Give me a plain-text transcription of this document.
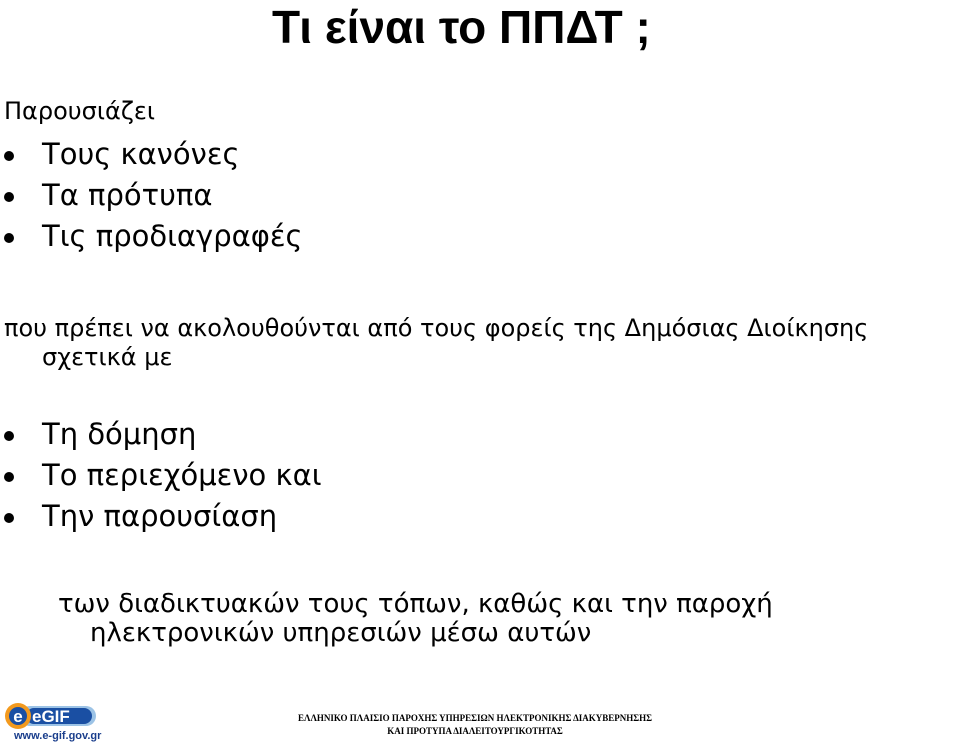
Τι είναι το ΠΠΔΤ ;
Παρουσιάζει
Τους κανόνες
Τα πρότυπα
Τις προδιαγραφές
που πρέπει να ακολουθούνται από τους φορείς της Δημόσιας Διοίκησης
σχετικά με
Τη δόμηση
Το περιεχόμενο και
Την παρουσίαση
των διαδικτυακών τους τόπων, καθώς και την παροχή
ηλεκτρονικών υπηρεσιών μέσω αυτών
e eGIF
www.e-gif.gov.gr
ΕΛΛΗΝΙΚΟ ΠΛΑΙΣΙΟ ΠΑΡΟΧΗΣ ΥΠΗΡΕΣΙΩΝ ΗΛΕΚΤΡΟΝΙΚΗΣ ΔΙΑΚΥΒΕΡΝΗΣΗΣ
ΚΑΙ ΠΡΟΤΥΠΑ ΔΙΑΛΕΙΤΟΥΡΓΙΚΟΤΗΤΑΣ
